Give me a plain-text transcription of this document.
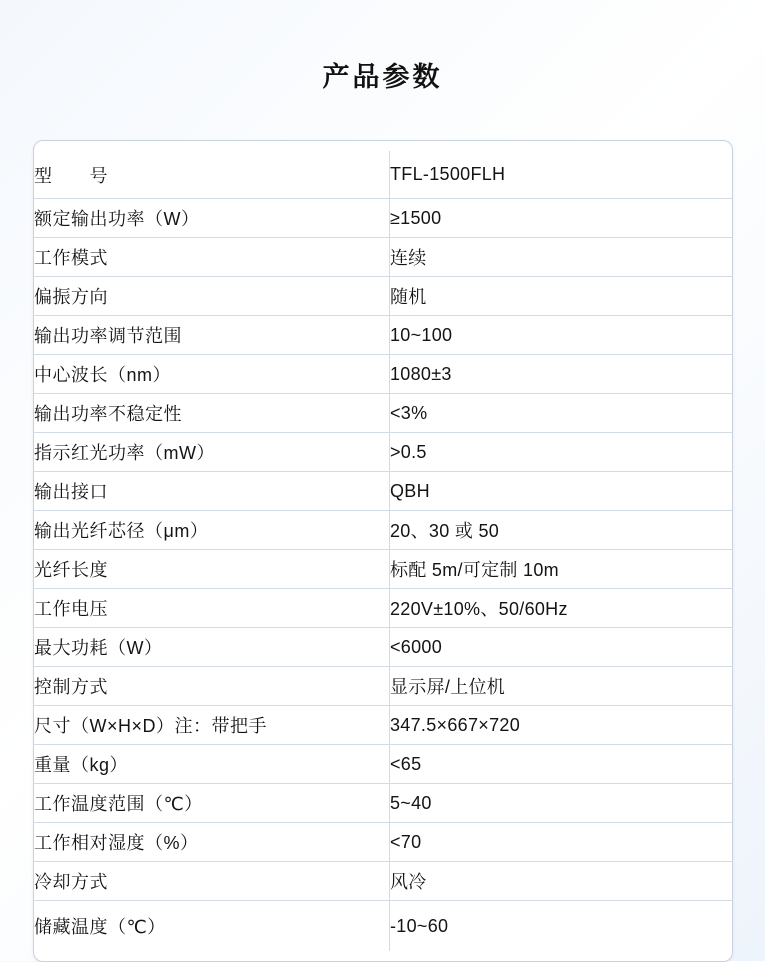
产品参数
型　　号	TFL-1500FLH
额定输出功率（W）	≥1500
工作模式	连续
偏振方向	随机
输出功率调节范围	10~100
中心波长（nm）	1080±3
输出功率不稳定性	<3%
指示红光功率（mW）	>0.5
输出接口	QBH
输出光纤芯径（μm）	20、30 或 50
光纤长度	标配 5m/可定制 10m
工作电压	220V±10%、50/60Hz
最大功耗（W）	<6000
控制方式	显示屏/上位机
尺寸（W×H×D）注：带把手	347.5×667×720
重量（kg）	<65
工作温度范围（℃）	5~40
工作相对湿度（%）	<70
冷却方式	风冷
储藏温度（℃）	-10~60
